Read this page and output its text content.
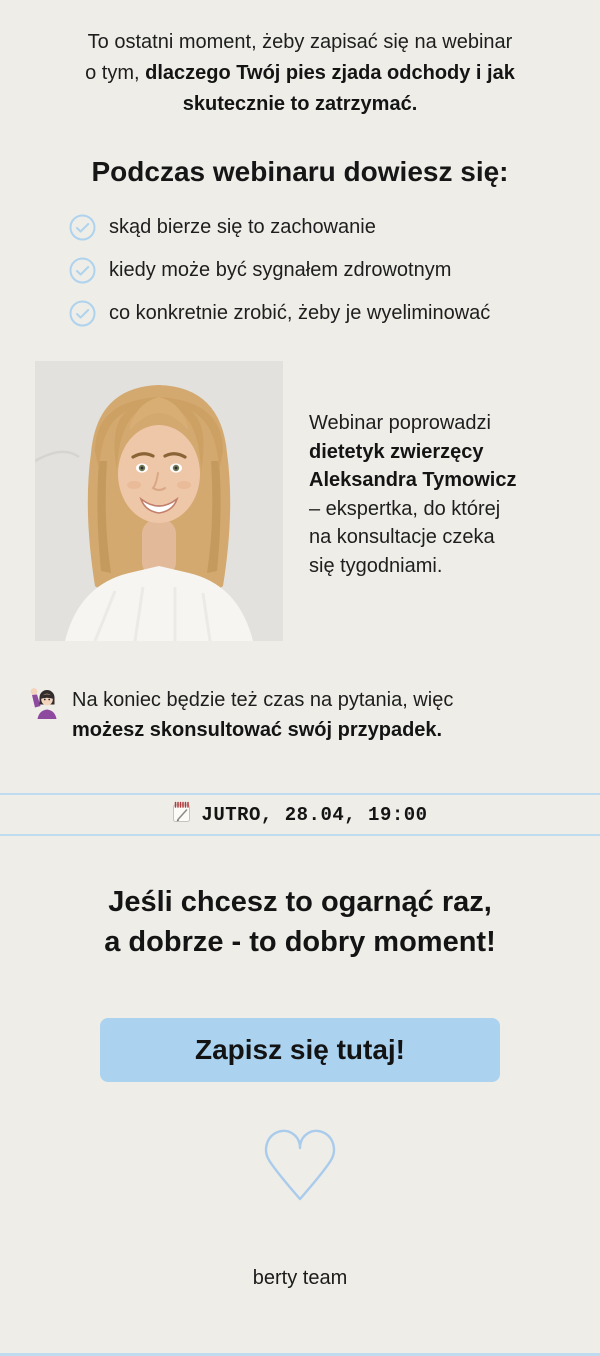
To ostatni moment, żeby zapisać się na webinar
o tym, dlaczego Twój pies zjada odchody i jak
skutecznie to zatrzymać.

Podczas webinaru dowiesz się:
skąd bierze się to zachowanie
kiedy może być sygnałem zdrowotnym
co konkretnie zrobić, żeby je wyeliminować
Webinar poprowadzi
dietetyk zwierzęcy
Aleksandra Tymowicz
– ekspertka, do której
na konsultacje czeka
się tygodniami.

Na koniec będzie też czas na pytania, więc
możesz skonsultować swój przypadek.

JUTRO, 28.04, 19:00
Jeśli chcesz to ogarnąć raz,
a dobrze - to dobry moment!
Zapisz się tutaj!

berty team
